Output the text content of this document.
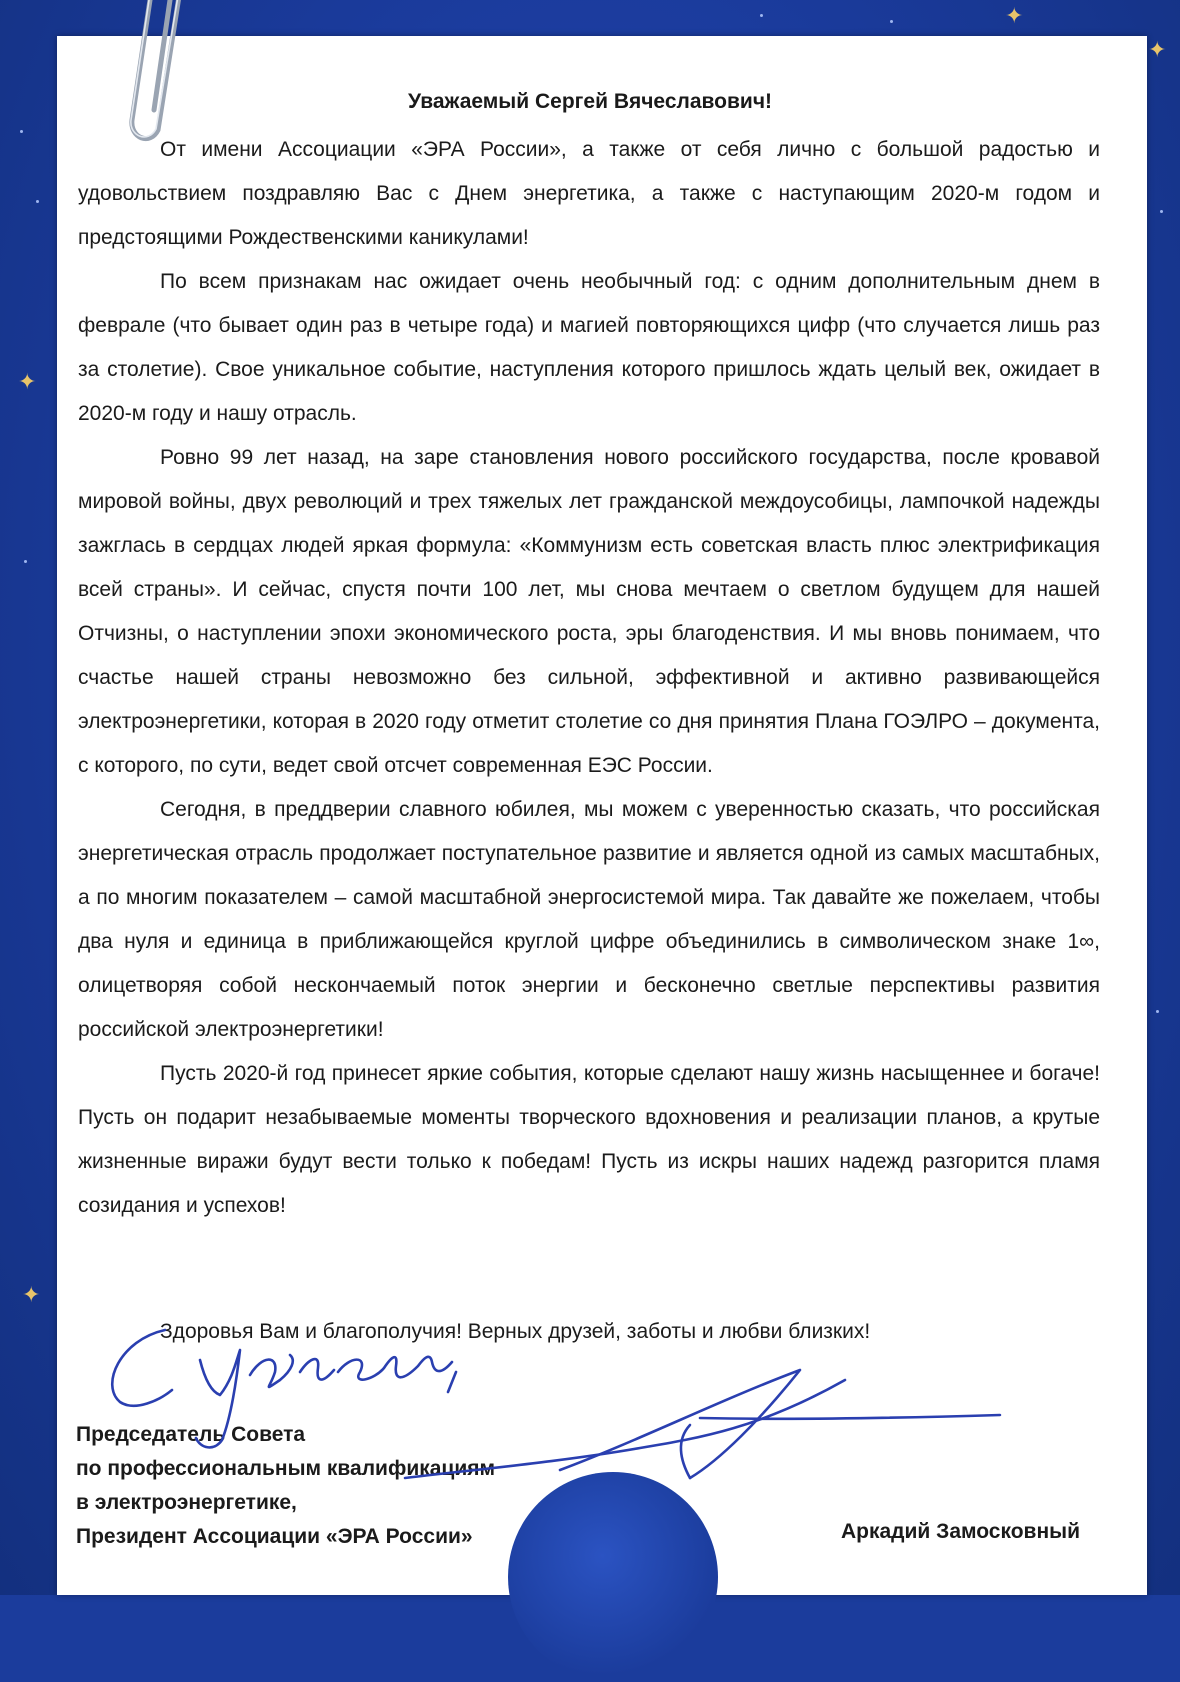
✦
✦
✦
✦
Уважаемый Сергей Вячеславович!

От имени Ассоциации «ЭРА России», а также от себя лично с большой радостью и удовольствием поздравляю Вас с Днем энергетика, а также с наступающим 2020-м годом и предстоящими Рождественскими каникулами!

По всем признакам нас ожидает очень необычный год: с одним дополнительным днем в феврале (что бывает один раз в четыре года) и магией повторяющихся цифр (что случается лишь раз за столетие). Свое уникальное событие, наступления которого пришлось ждать целый век, ожидает в 2020-м году и нашу отрасль.

Ровно 99 лет назад, на заре становления нового российского государства, после кровавой мировой войны, двух революций и трех тяжелых лет гражданской междоусобицы, лампочкой надежды зажглась в сердцах людей яркая формула: «Коммунизм есть советская власть плюс электрификация всей страны». И сейчас, спустя почти 100 лет, мы снова мечтаем о светлом будущем для нашей Отчизны, о наступлении эпохи экономического роста, эры благоденствия. И мы вновь понимаем, что счастье нашей страны невозможно без сильной, эффективной и активно развивающейся электроэнергетики, которая в 2020 году отметит столетие со дня принятия Плана ГОЭЛРО – документа, с которого, по сути, ведет свой отсчет современная ЕЭС России.

Сегодня, в преддверии славного юбилея, мы можем с уверенностью сказать, что российская энергетическая отрасль продолжает поступательное развитие и является одной из самых масштабных, а по многим показателем – самой масштабной энергосистемой мира. Так давайте же пожелаем, чтобы два нуля и единица в приближающейся круглой цифре объединились в символическом знаке 1∞, олицетворяя собой нескончаемый поток энергии и бесконечно светлые перспективы развития российской электроэнергетики!

Пусть 2020-й год принесет яркие события, которые сделают нашу жизнь насыщеннее и богаче! Пусть он подарит незабываемые моменты творческого вдохновения и реализации планов, а крутые жизненные виражи будут вести только к победам! Пусть из искры наших надежд разгорится пламя созидания и успехов!

Здоровья Вам и благополучия! Верных друзей, заботы и любви близких!
Председатель Совета
по профессиональным квалификациям
в электроэнергетике,
Президент Ассоциации «ЭРА России»	Аркадий Замосковный
